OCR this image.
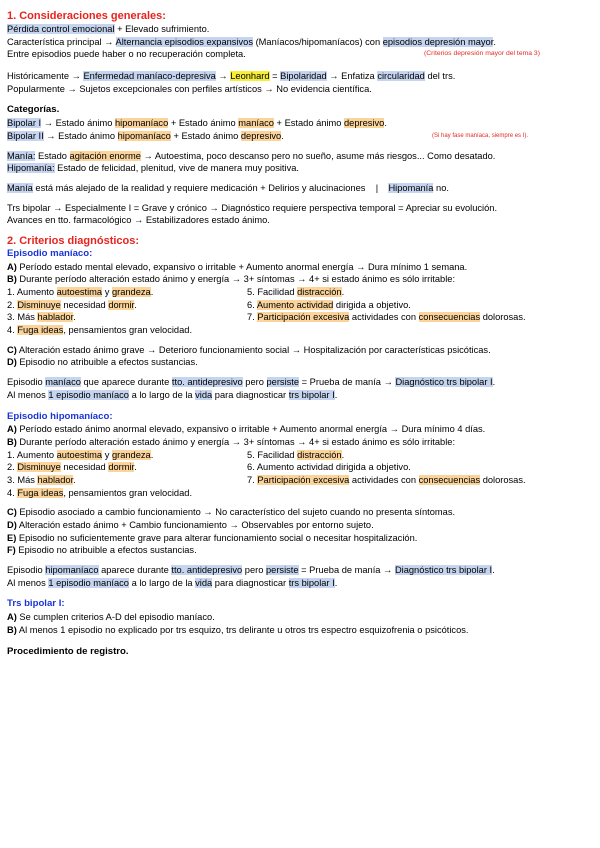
1. Consideraciones generales:
Pérdida control emocional + Elevado sufrimiento.
Característica principal → Alternancia episodios expansivos (Maníacos/hipomaníacos) con episodios depresión mayor.
Entre episodios puede haber o no recuperación completa.	(Criterios depresión mayor del tema 3)
Históricamente → Enfermedad maníaco-depresiva → Leonhard = Bipolaridad → Enfatiza circularidad del trs.
Popularmente → Sujetos excepcionales con perfiles artísticos → No evidencia científica.
Categorías.
Bipolar I → Estado ánimo hipomaníaco + Estado ánimo maníaco + Estado ánimo depresivo.
Bipolar II → Estado ánimo hipomaníaco + Estado ánimo depresivo.	(Si hay fase maníaca, siempre es I).
Manía: Estado agitación enorme → Autoestima, poco descanso pero no sueño, asume más riesgos... Como desatado.
Hipomanía: Estado de felicidad, plenitud, vive de manera muy positiva.
Manía está más alejado de la realidad y requiere medicación + Delirios y alucinaciones    |    Hipomanía no.
Trs bipolar → Especialmente I = Grave y crónico → Diagnóstico requiere perspectiva temporal = Apreciar su evolución.
Avances en tto. farmacológico → Estabilizadores estado ánimo.
2. Criterios diagnósticos:
Episodio maníaco:
A) Período estado mental elevado, expansivo o irritable + Aumento anormal energía → Dura mínimo 1 semana.
B) Durante período alteración estado ánimo y energía → 3+ síntomas → 4+ si estado ánimo es sólo irritable:
1. Aumento autoestima y grandeza.	5. Facilidad distracción.
2. Disminuye necesidad dormir.	6. Aumento actividad dirigida a objetivo.
3. Más hablador.	7. Participación excesiva actividades con consecuencias dolorosas.
4. Fuga ideas, pensamientos gran velocidad.
C) Alteración estado ánimo grave → Deterioro funcionamiento social → Hospitalización por características psicóticas.
D) Episodio no atribuible a efectos sustancias.
Episodio maníaco que aparece durante tto. antidepresivo pero persiste = Prueba de manía → Diagnóstico trs bipolar I.
Al menos 1 episodio maníaco a lo largo de la vida para diagnosticar trs bipolar I.
Episodio hipomaníaco:
A) Período estado ánimo anormal elevado, expansivo o irritable + Aumento anormal energía → Dura mínimo 4 días.
B) Durante período alteración estado ánimo y energía → 3+ síntomas → 4+ si estado ánimo es sólo irritable:
1. Aumento autoestima y grandeza.	5. Facilidad distracción.
2. Disminuye necesidad dormir.	6. Aumento actividad dirigida a objetivo.
3. Más hablador.	7. Participación excesiva actividades con consecuencias dolorosas.
4. Fuga ideas, pensamientos gran velocidad.
C) Episodio asociado a cambio funcionamiento → No característico del sujeto cuando no presenta síntomas.
D) Alteración estado ánimo + Cambio funcionamiento → Observables por entorno sujeto.
E) Episodio no suficientemente grave para alterar funcionamiento social o necesitar hospitalización.
F) Episodio no atribuible a efectos sustancias.
Episodio hipomaníaco aparece durante tto. antidepresivo pero persiste = Prueba de manía → Diagnóstico trs bipolar I.
Al menos 1 episodio maníaco a lo largo de la vida para diagnosticar trs bipolar I.
Trs bipolar I:
A) Se cumplen criterios A-D del episodio maníaco.
B) Al menos 1 episodio no explicado por trs esquizo, trs delirante u otros trs espectro esquizofrenia o psicóticos.
Procedimiento de registro.
